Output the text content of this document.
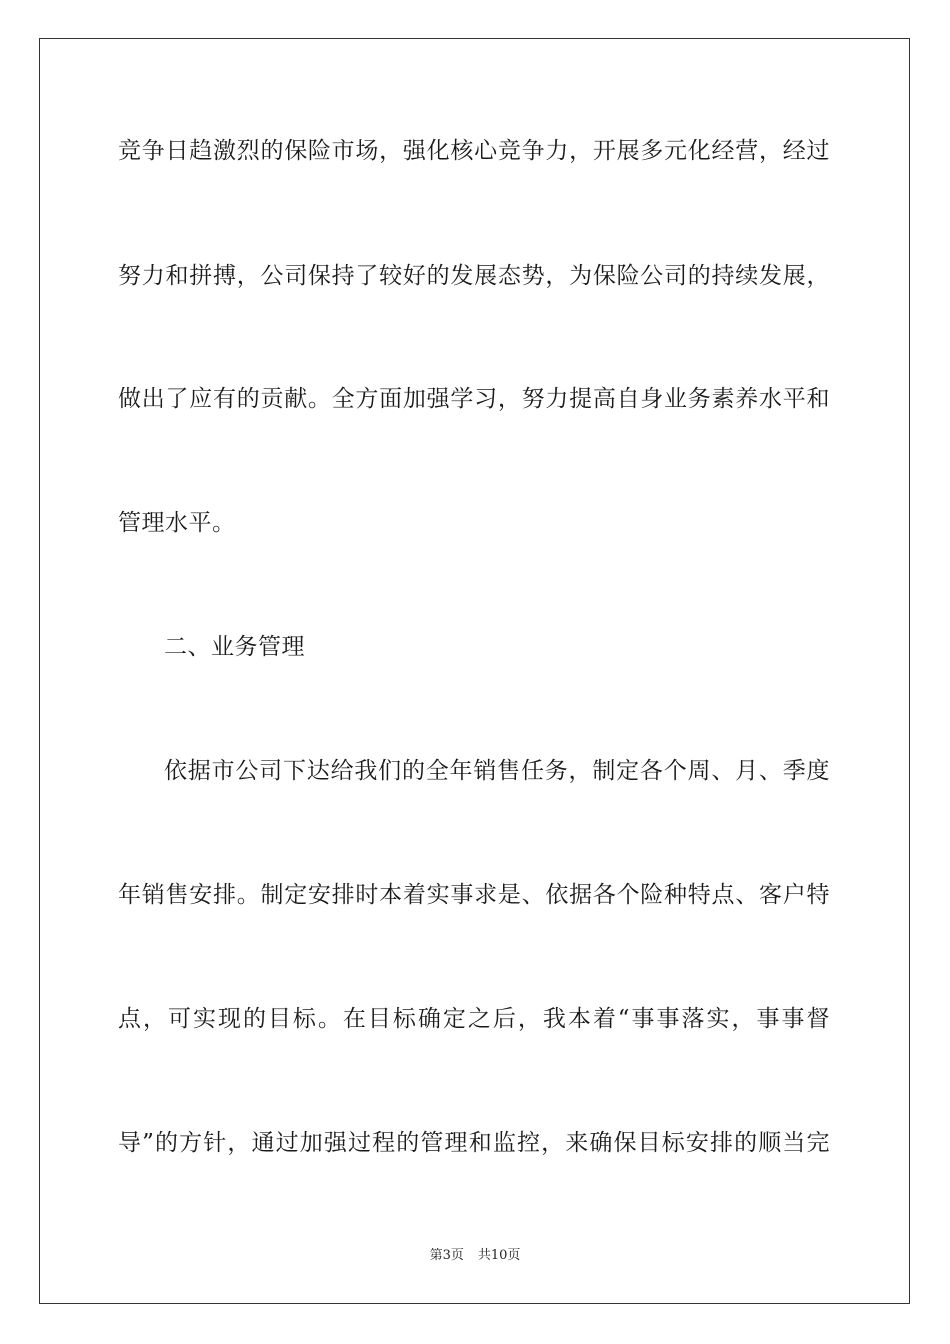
竞争日趋激烈的保险市场，强化核心竞争力，开展多元化经营，经过
努力和拼搏，公司保持了较好的发展态势，为保险公司的持续发展，
做出了应有的贡献。全方面加强学习，努力提高自身业务素养水平和
管理水平。
二、业务管理
依据市公司下达给我们的全年销售任务，制定各个周、月、季度
年销售安排。制定安排时本着实事求是、依据各个险种特点、客户特
点，可实现的目标。在目标确定之后，我本着“事事落实，事事督
导”的方针，通过加强过程的管理和监控，来确保目标安排的顺当完
第3页 共10页
